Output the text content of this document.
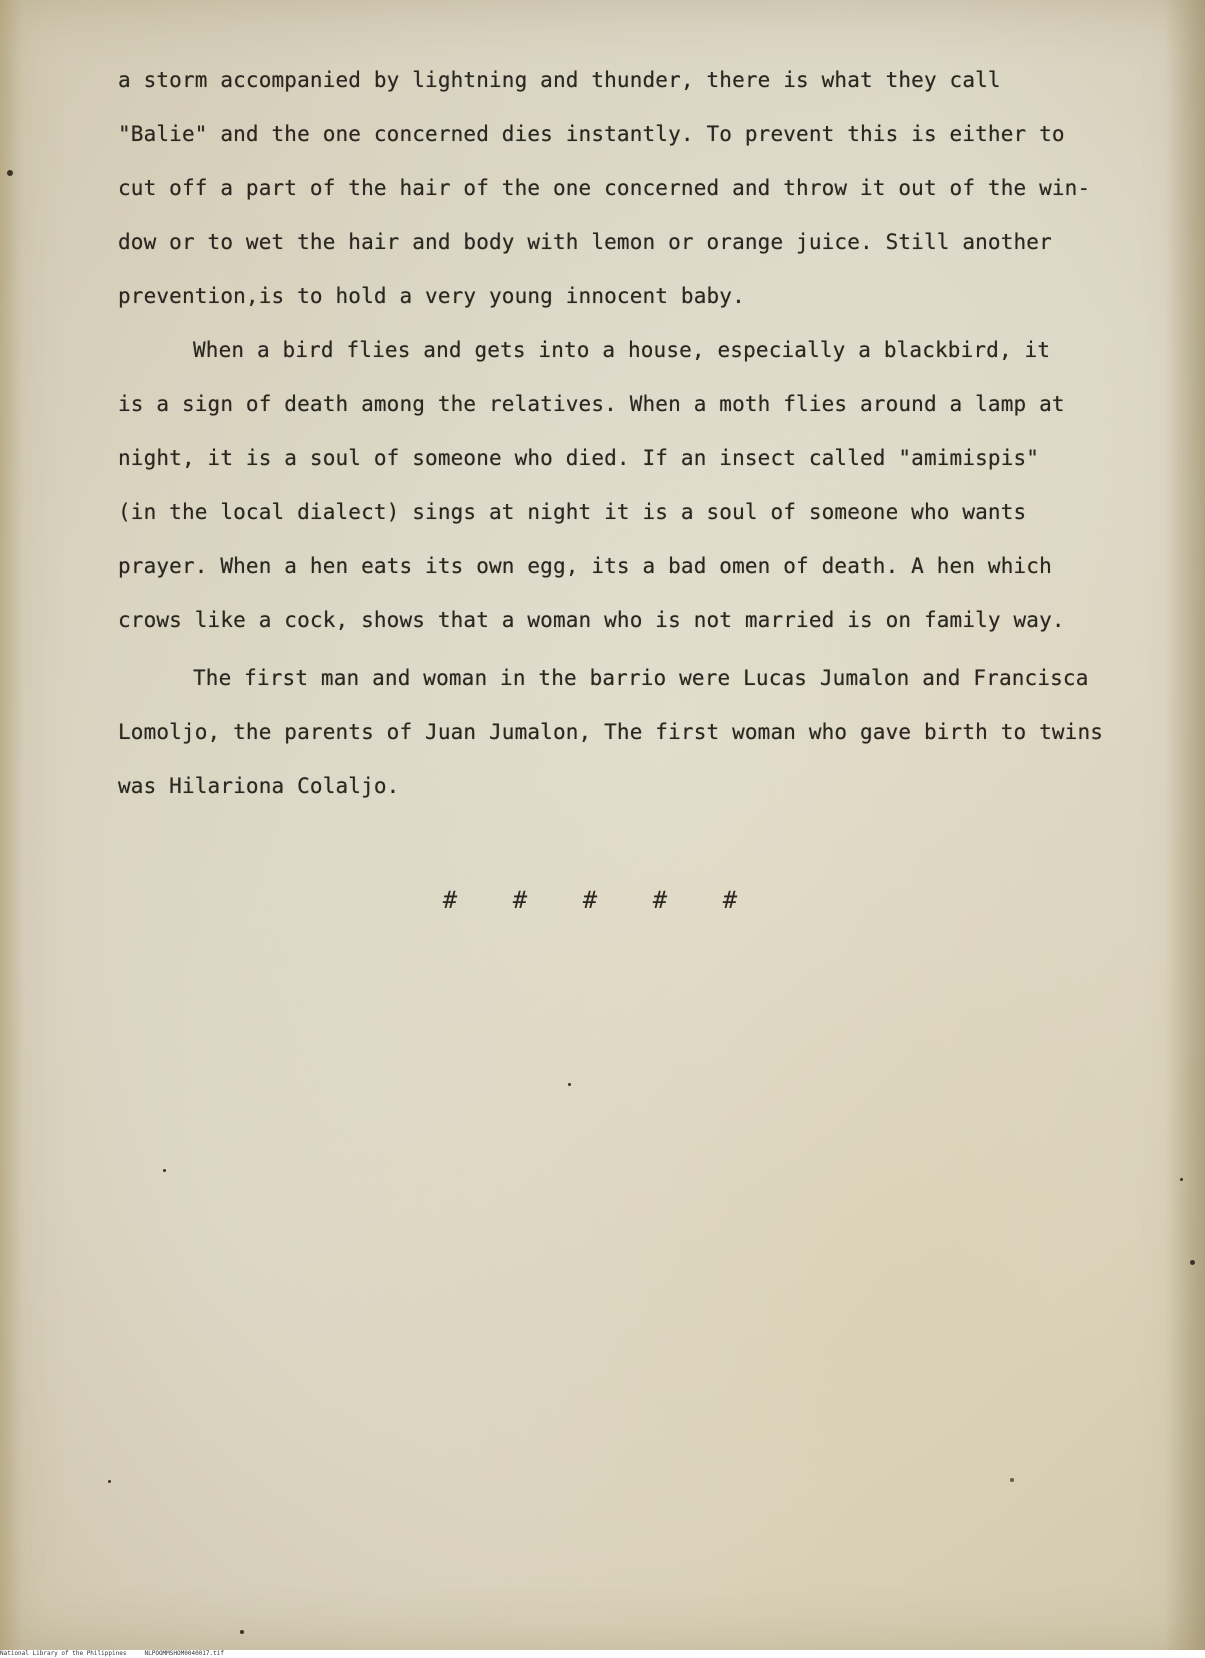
a storm accompanied by lightning and thunder, there is what they call

"Balie" and the one concerned dies instantly. To prevent this is either to

cut off a part of the hair of the one concerned and throw it out of the win-

dow or to wet the hair and body with lemon or orange juice. Still another

prevention,is to hold a very young innocent baby.

When a bird flies and gets into a house, especially a blackbird, it

is a sign of death among the relatives. When a moth flies around a lamp at

night, it is a soul of someone who died. If an insect called "amimispis"

(in the local dialect) sings at night it is a soul of someone who wants

prayer. When a hen eats its own egg, its a bad omen of death. A hen which

crows like a cock, shows that a woman who is not married is on family way.

The first man and woman in the barrio were Lucas Jumalon and Francisca

Lomoljo, the parents of Juan Jumalon, The first woman who gave birth to twins

was Hilariona Colaljo.

# # # # #
National Library of the Philippines	NLPOOMMSHOM0040017.tif
